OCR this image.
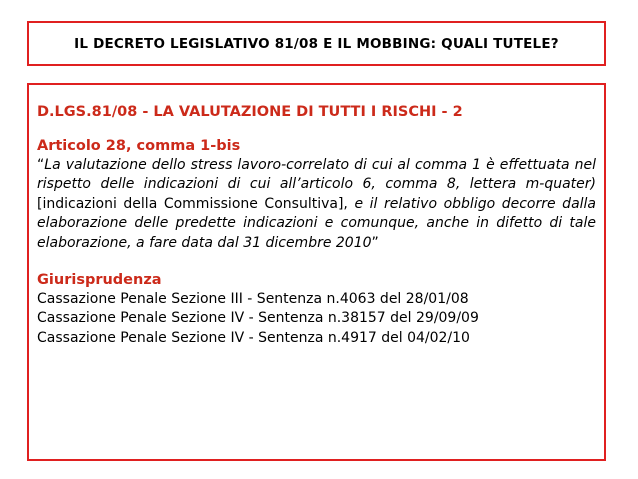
IL DECRETO LEGISLATIVO 81/08 E IL MOBBING: QUALI TUTELE?
D.LGS.81/08 - LA VALUTAZIONE DI TUTTI I RISCHI - 2
Articolo 28, comma 1-bis

“La valutazione dello stress lavoro-correlato di cui al comma 1 è effettuata nel rispetto delle indicazioni di cui all’articolo 6, comma 8, lettera m-quater) [indicazioni della Commissione Consultiva], e il relativo obbligo decorre dalla elaborazione delle predette indicazioni e comunque, anche in difetto di tale elaborazione, a fare data dal 31 dicembre 2010”

Giurisprudenza
Cassazione Penale Sezione III - Sentenza n.4063 del 28/01/08
Cassazione Penale Sezione IV - Sentenza n.38157 del 29/09/09
Cassazione Penale Sezione IV - Sentenza n.4917 del 04/02/10
